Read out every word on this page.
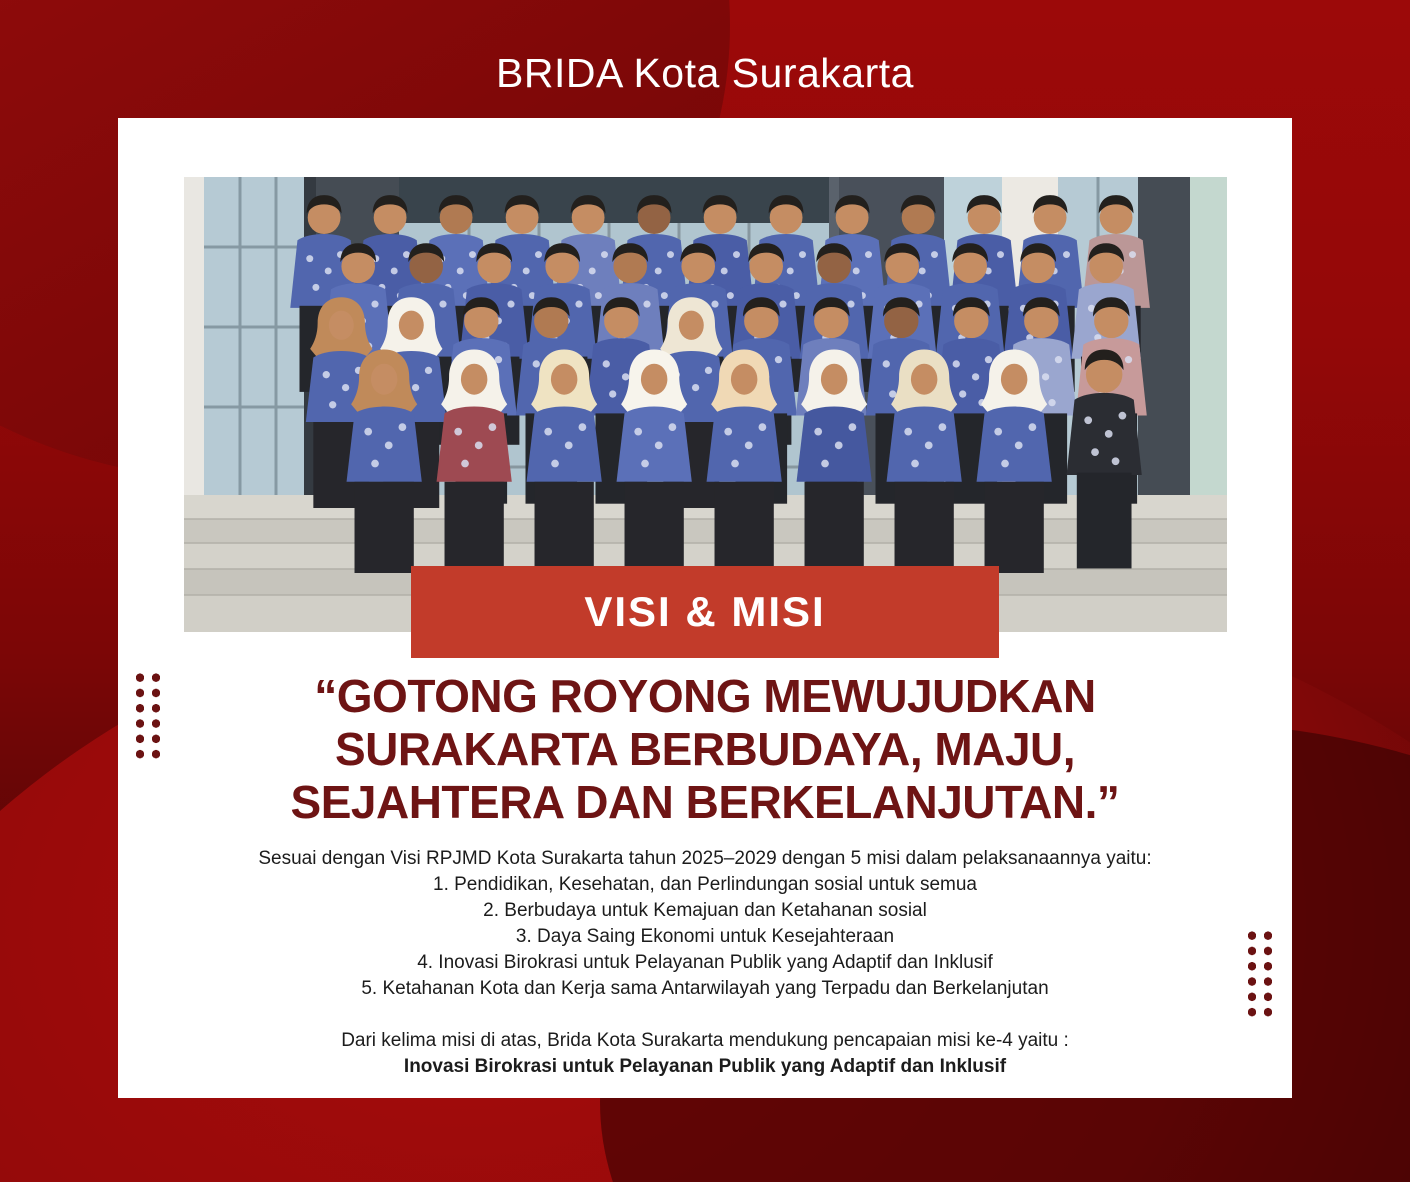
BRIDA Kota Surakarta
VISI & MISI
“GOTONG ROYONG MEWUJUDKAN
SURAKARTA BERBUDAYA, MAJU,
SEJAHTERA DAN BERKELANJUTAN.”

Sesuai dengan Visi RPJMD Kota Surakarta tahun 2025–2029 dengan 5 misi dalam pelaksanaannya yaitu:

1. Pendidikan, Kesehatan, dan Perlindungan sosial untuk semua

2. Berbudaya untuk Kemajuan dan Ketahanan sosial

3. Daya Saing Ekonomi untuk Kesejahteraan

4. Inovasi Birokrasi untuk Pelayanan Publik yang Adaptif dan Inklusif

5. Ketahanan Kota dan Kerja sama Antarwilayah yang Terpadu dan Berkelanjutan

Dari kelima misi di atas, Brida Kota Surakarta mendukung pencapaian misi ke-4 yaitu :

Inovasi Birokrasi untuk Pelayanan Publik yang Adaptif dan Inklusif
